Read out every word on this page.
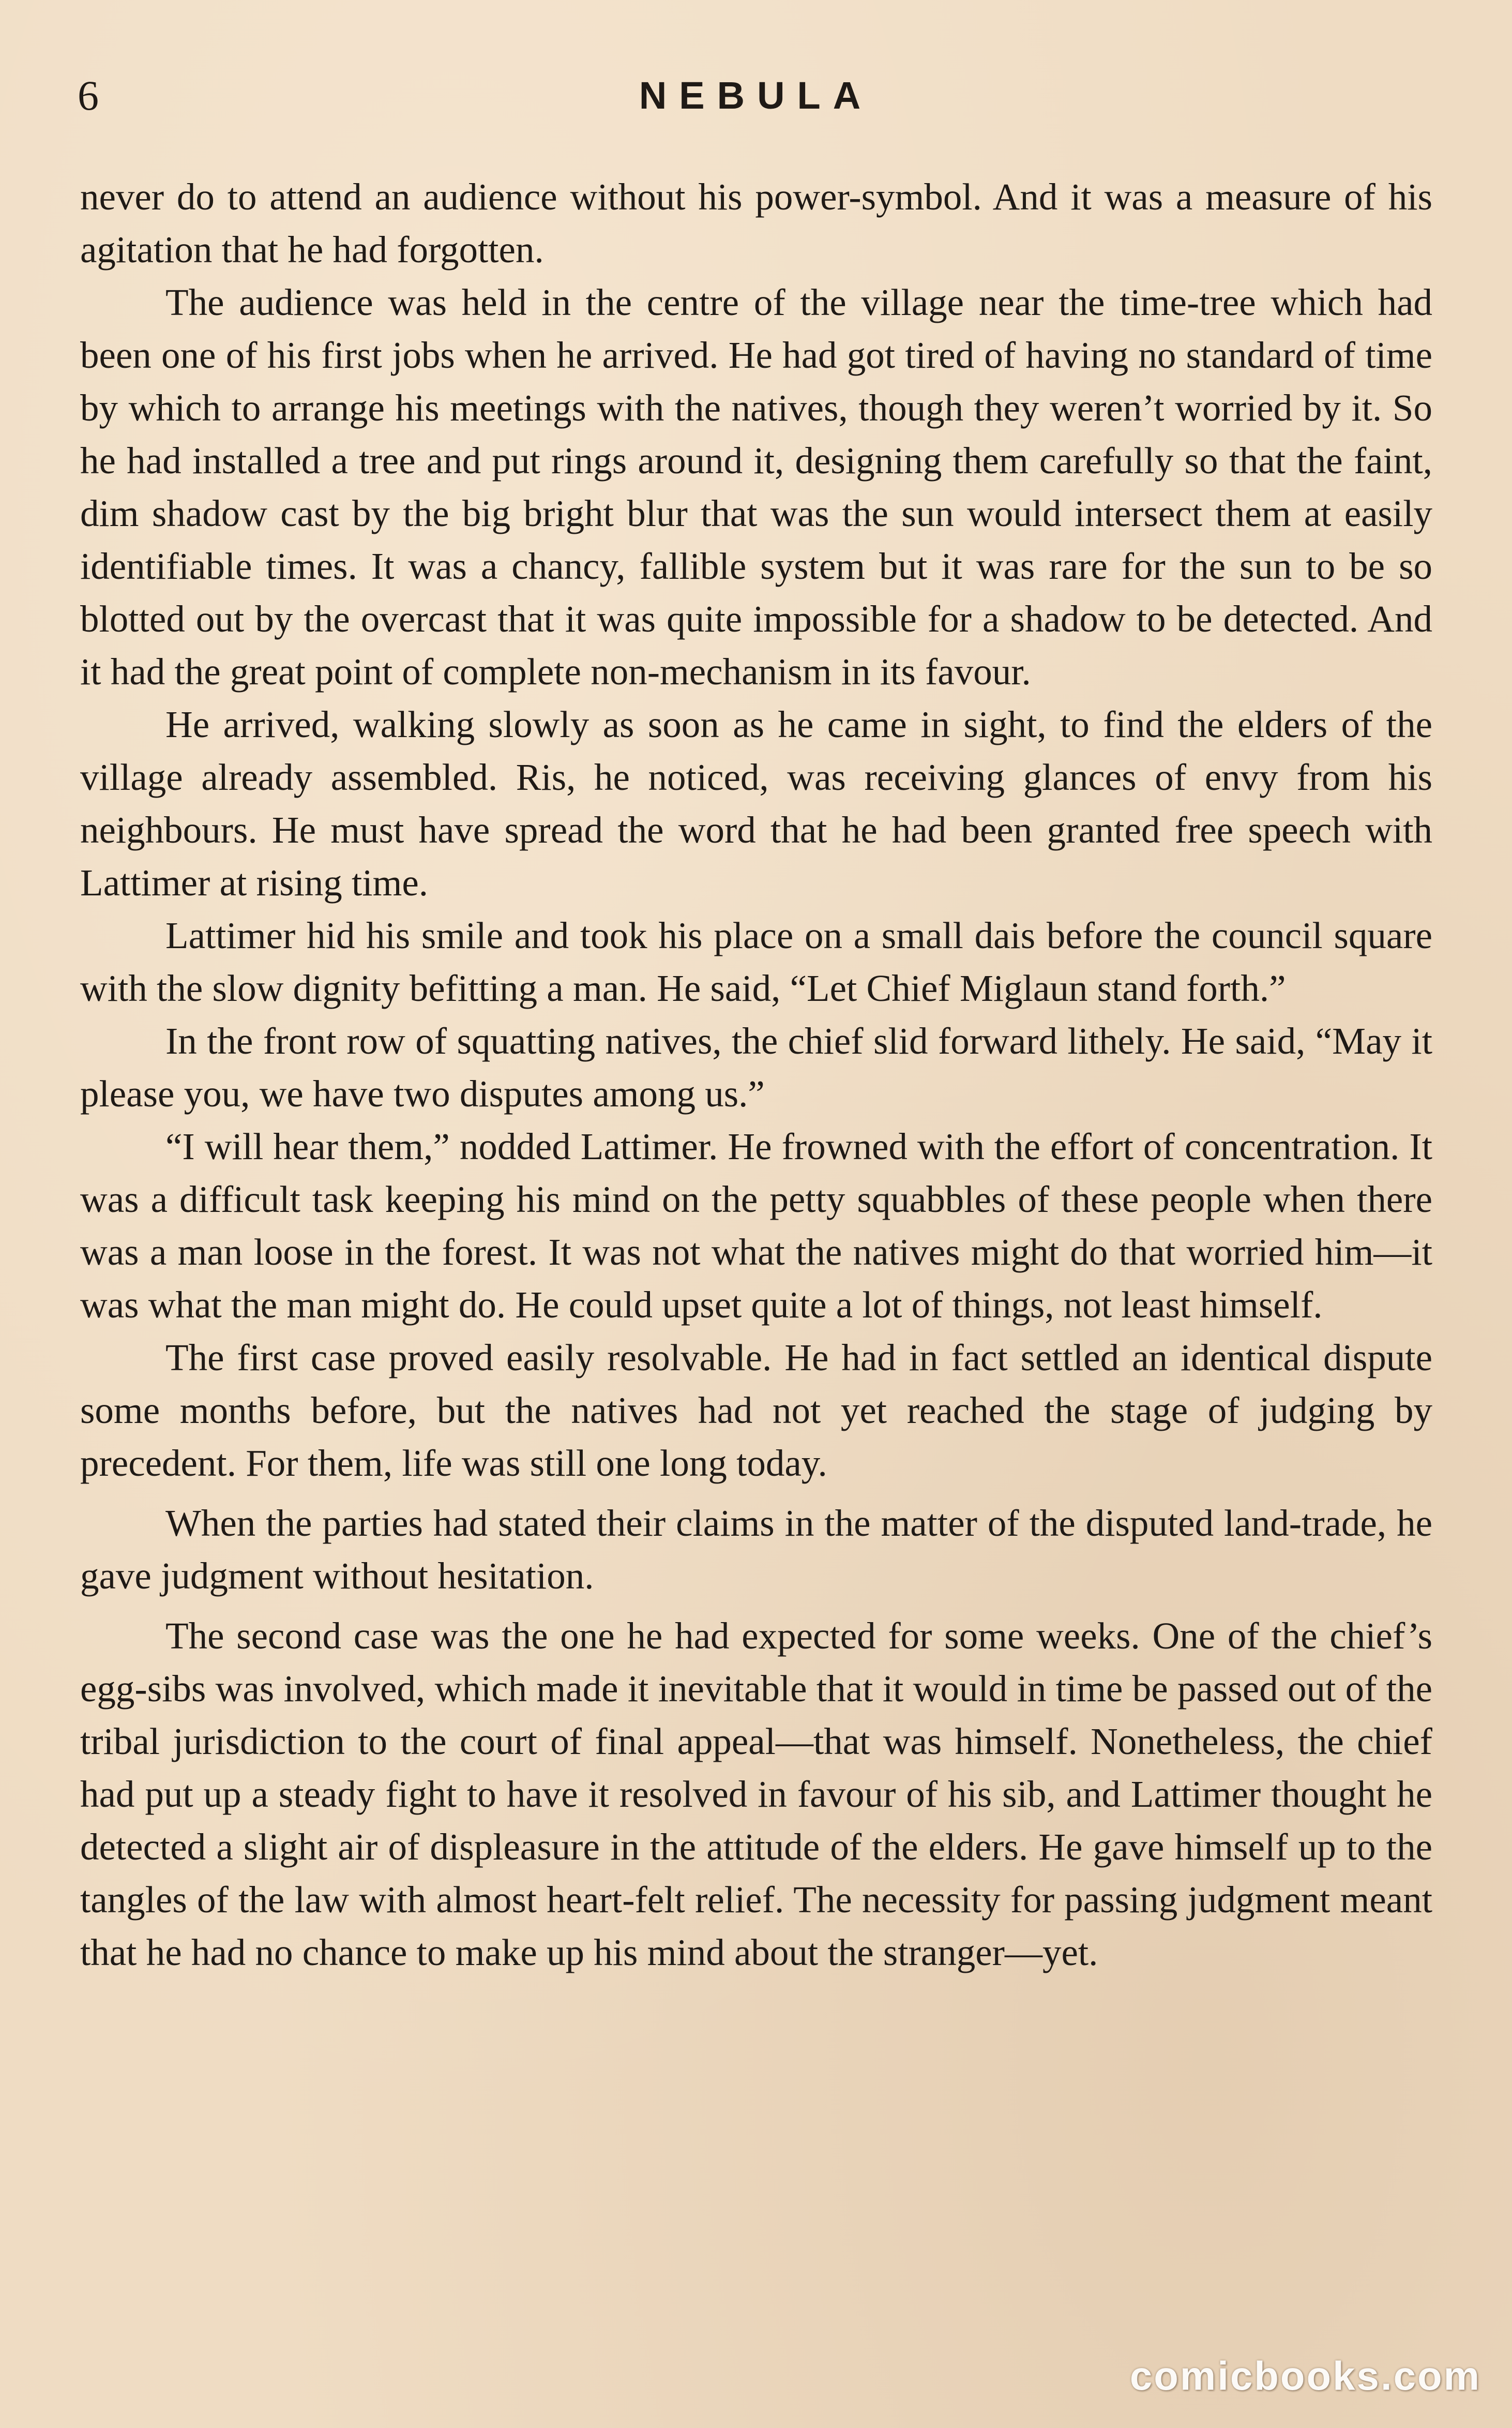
6	NEBULA

never do to attend an audience without his power-symbol. And it was a measure of his agitation that he had forgotten.

The audience was held in the centre of the village near the time-tree which had been one of his first jobs when he arrived. He had got tired of having no standard of time by which to arrange his meetings with the natives, though they weren’t worried by it. So he had installed a tree and put rings around it, designing them carefully so that the faint, dim shadow cast by the big bright blur that was the sun would intersect them at easily identifiable times. It was a chancy, fallible system but it was rare for the sun to be so blotted out by the overcast that it was quite impossible for a shadow to be detected. And it had the great point of complete non-mechanism in its favour.

He arrived, walking slowly as soon as he came in sight, to find the elders of the village already assembled. Ris, he noticed, was receiving glances of envy from his neighbours. He must have spread the word that he had been granted free speech with Lattimer at rising time.

Lattimer hid his smile and took his place on a small dais before the council square with the slow dignity befitting a man. He said, “Let Chief Miglaun stand forth.”

In the front row of squatting natives, the chief slid forward lithely. He said, “May it please you, we have two disputes among us.”

“I will hear them,” nodded Lattimer. He frowned with the effort of concentration. It was a difficult task keeping his mind on the petty squabbles of these people when there was a man loose in the forest. It was not what the natives might do that worried him—it was what the man might do. He could upset quite a lot of things, not least himself.

The first case proved easily resolvable. He had in fact settled an identical dispute some months before, but the natives had not yet reached the stage of judging by precedent. For them, life was still one long today.

When the parties had stated their claims in the matter of the disputed land-trade, he gave judgment without hesitation.

The second case was the one he had expected for some weeks. One of the chief’s egg-sibs was involved, which made it inevitable that it would in time be passed out of the tribal jurisdiction to the court of final appeal—that was himself. Nonetheless, the chief had put up a steady fight to have it resolved in favour of his sib, and Lattimer thought he detected a slight air of displeasure in the attitude of the elders. He gave himself up to the tangles of the law with almost heart-felt relief. The necessity for passing judgment meant that he had no chance to make up his mind about the stranger—yet.

comicbooks.com
